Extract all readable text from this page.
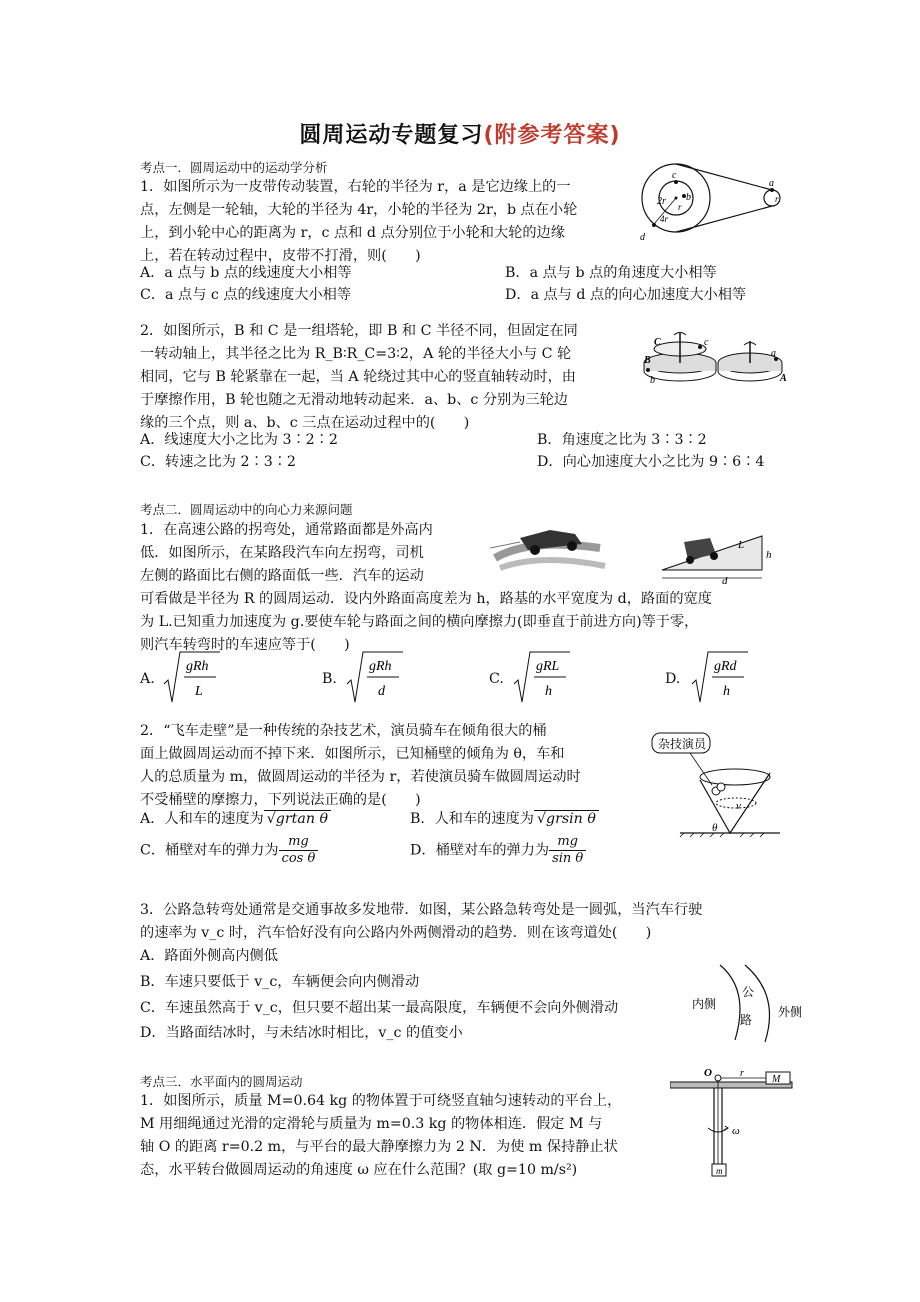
圆周运动专题复习(附参考答案)
考点一．圆周运动中的运动学分析
1．如图所示为一皮带传动装置，右轮的半径为 r，a 是它边缘上的一
点，左侧是一轮轴，大轮的半径为 4r，小轮的半径为 2r，b 点在小轮
上，到小轮中心的距离为 r，c 点和 d 点分别位于小轮和大轮的边缘
上，若在转动过程中，皮带不打滑，则(　　)
A．a 点与 b 点的线速度大小相等	B．a 点与 b 点的角速度大小相等
C．a 点与 c 点的线速度大小相等	D．a 点与 d 点的向心加速度大小相等
c
b
2r r
4r
d
a
r
2．如图所示，B 和 C 是一组塔轮，即 B 和 C 半径不同，但固定在同
一转动轴上，其半径之比为 R_B∶R_C=3∶2，A 轮的半径大小与 C 轮
相同，它与 B 轮紧靠在一起，当 A 轮绕过其中心的竖直轴转动时，由
于摩擦作用，B 轮也随之无滑动地转动起来．a、b、c 分别为三轮边
缘的三个点，则 a、b、c 三点在运动过程中的(　　)
A．线速度大小之比为 3∶2∶2	B．角速度之比为 3∶3∶2
C．转速之比为 2∶3∶2	D．向心加速度大小之比为 9∶6∶4
C	c
B
b
a
A
考点二．圆周运动中的向心力来源问题
1．在高速公路的拐弯处，通常路面都是外高内
低．如图所示，在某路段汽车向左拐弯，司机
左侧的路面比右侧的路面低一些．汽车的运动
可看做是半径为 R 的圆周运动．设内外路面高度差为 h，路基的水平宽度为 d，路面的宽度
为 L.已知重力加速度为 g.要使车轮与路面之间的横向摩擦力(即垂直于前进方向)等于零，
则汽车转弯时的车速应等于(　　)
L
h
d
A.
gRh
L
B.
gRh
d
C.
gRL
h
D.
gRd
h
2．“飞车走壁”是一种传统的杂技艺术，演员骑车在倾角很大的桶
面上做圆周运动而不掉下来．如图所示，已知桶壁的倾角为 θ，车和
人的总质量为 m，做圆周运动的半径为 r，若使演员骑车做圆周运动时
不受桶壁的摩擦力，下列说法正确的是(　　)
A．人和车的速度为 √grtan θ	B．人和车的速度为 √grsin θ
C．桶壁对车的弹力为 $\frac{mg}{\text{cos θ}}$	D．桶壁对车的弹力为 $\frac{mg}{\text{sin θ}}$
杂技演员
v
θ
3．公路急转弯处通常是交通事故多发地带．如图，某公路急转弯处是一圆弧，当汽车行驶
的速率为 v_c 时，汽车恰好没有向公路内外两侧滑动的趋势．则在该弯道处(　　)
A．路面外侧高内侧低
B．车速只要低于 v_c，车辆便会向内侧滑动
C．车速虽然高于 v_c，但只要不超出某一最高限度，车辆便不会向外侧滑动
D．当路面结冰时，与未结冰时相比，v_c 的值变小
内侧
公
路
外侧
考点三．水平面内的圆周运动
1．如图所示，质量 M=0.64 kg 的物体置于可绕竖直轴匀速转动的平台上，
M 用细绳通过光滑的定滑轮与质量为 m=0.3 kg 的物体相连．假定 M 与
轴 O 的距离 r=0.2 m，与平台的最大静摩擦力为 2 N．为使 m 保持静止状
态，水平转台做圆周运动的角速度 ω 应在什么范围？(取 g=10 m/s²)
O	r
M
ω
m
